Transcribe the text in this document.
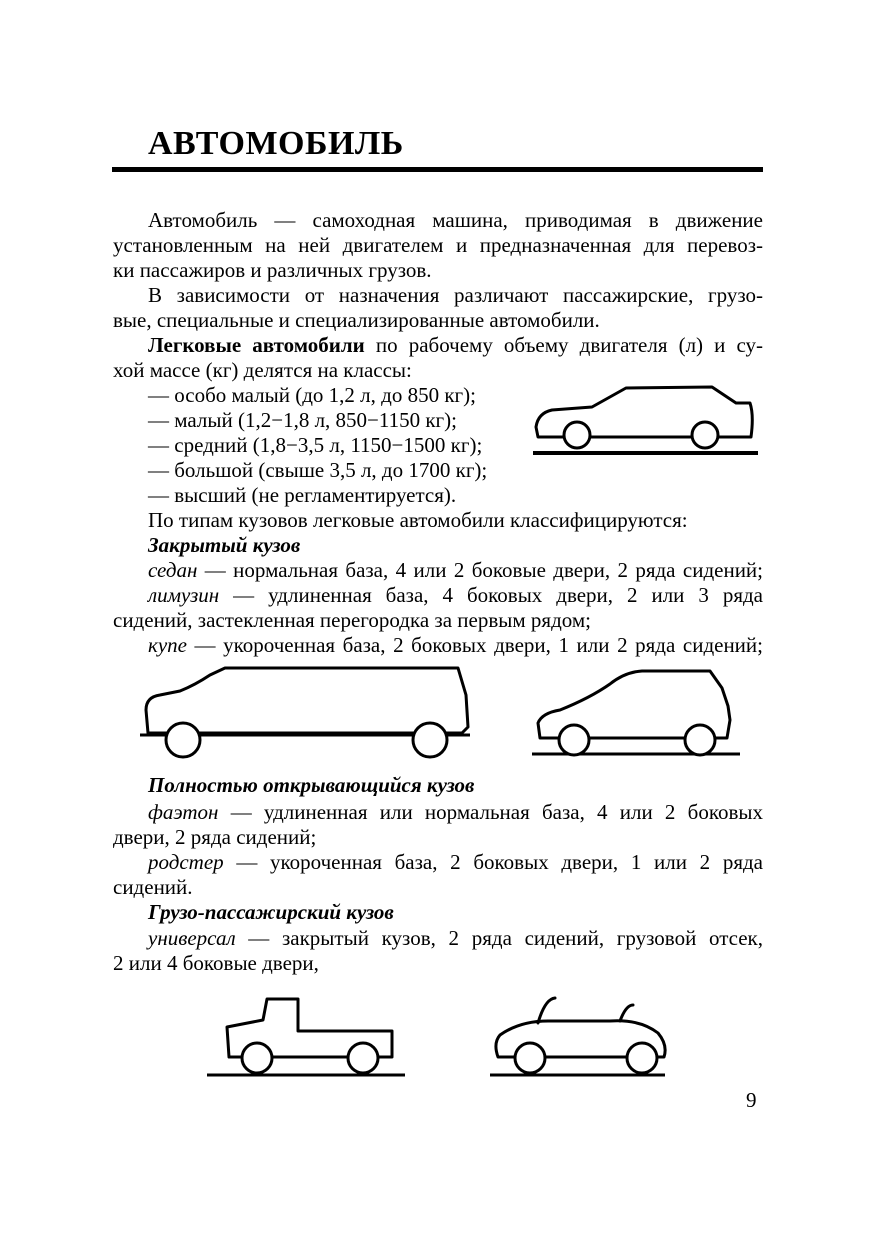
АВТОМОБИЛЬ
Автомобиль — самоходная машина, приводимая в движение
установленным на ней двигателем и предназначенная для перевоз-
ки пассажиров и различных грузов.
В зависимости от назначения различают пассажирские, грузо-
вые, специальные и специализированные автомобили.
Легковые автомобили по рабочему объему двигателя (л) и су-
хой массе (кг) делятся на классы:
— особо малый (до 1,2 л, до 850 кг);
— малый (1,2−1,8 л, 850−1150 кг);
— средний (1,8−3,5 л, 1150−1500 кг);
— большой (свыше 3,5 л, до 1700 кг);
— высший (не регламентируется).
По типам кузовов легковые автомобили классифицируются:
Закрытый кузов
седан — нормальная база, 4 или 2 боковые двери, 2 ряда сидений;
лимузин — удлиненная база, 4 боковых двери, 2 или 3 ряда
сидений, застекленная перегородка за первым рядом;
купе — укороченная база, 2 боковых двери, 1 или 2 ряда сидений;
Полностью открывающийся кузов
фаэтон — удлиненная или нормальная база, 4 или 2 боковых
двери, 2 ряда сидений;
родстер — укороченная база, 2 боковых двери, 1 или 2 ряда
сидений.
Грузо-пассажирский кузов
универсал — закрытый кузов, 2 ряда сидений, грузовой отсек,
2 или 4 боковые двери,
9
